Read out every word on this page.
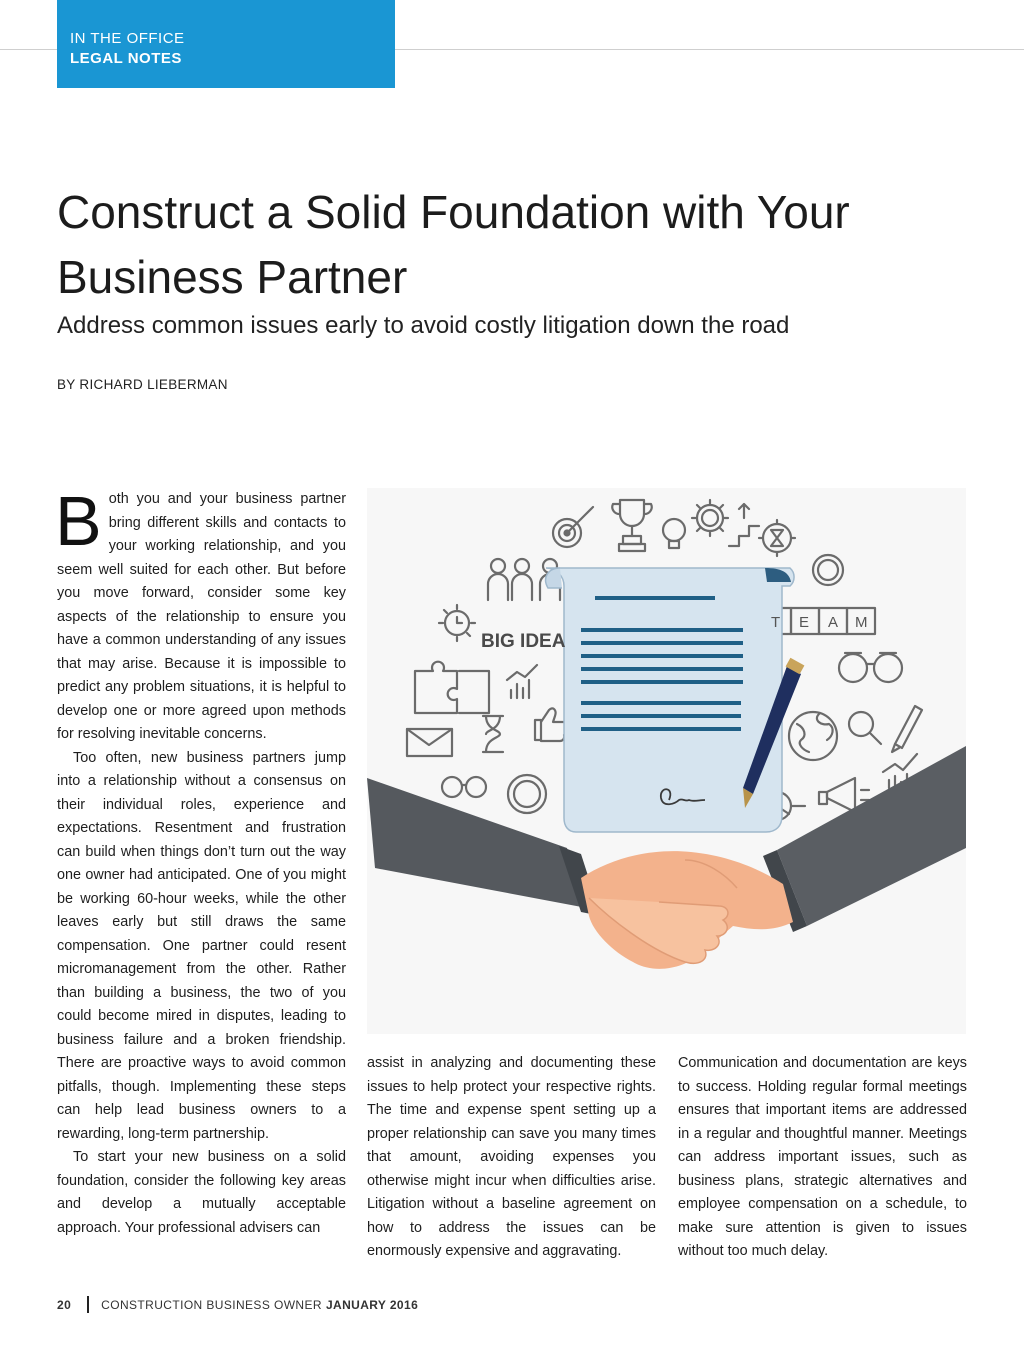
IN THE OFFICE
LEGAL NOTES
Construct a Solid Foundation with Your Business Partner
Address common issues early to avoid costly litigation down the road
BY RICHARD LIEBERMAN

Both you and your business partner bring different skills and contacts to your working relationship, and you seem well suited for each other. But before you move forward, consider some key aspects of the relationship to ensure you have a common understanding of any issues that may arise. Because it is impossible to predict any problem situations, it is helpful to develop one or more agreed upon methods for resolving inevitable concerns.

Too often, new business partners jump into a relationship without a consensus on their individual roles, experience and expectations. Resentment and frustration can build when things don’t turn out the way one owner had anticipated. One of you might be working 60-hour weeks, while the other leaves early but still draws the same compensation. One partner could resent micromanagement from the other. Rather than building a business, the two of you could become mired in disputes, leading to business failure and a broken friendship. There are proactive ways to avoid common pitfalls, though. Implementing these steps can help lead business owners to a rewarding, long-term partnership.

To start your new business on a solid foundation, consider the following key areas and develop a mutually acceptable approach. Your professional advisers can

BIG IDEA
T E A M

assist in analyzing and documenting these issues to help protect your respective rights. The time and expense spent setting up a proper relationship can save you many times that amount, avoiding expenses you otherwise might incur when difficulties arise. Litigation without a baseline agreement on how to address the issues can be enormously expensive and aggravating.

Communication and documentation are keys to success. Holding regular formal meetings ensures that important items are addressed in a regular and thoughtful manner. Meetings can address important issues, such as business plans, strategic alternatives and employee compensation on a schedule, to make sure attention is given to issues without too much delay.

20	CONSTRUCTION BUSINESS OWNER JANUARY 2016
